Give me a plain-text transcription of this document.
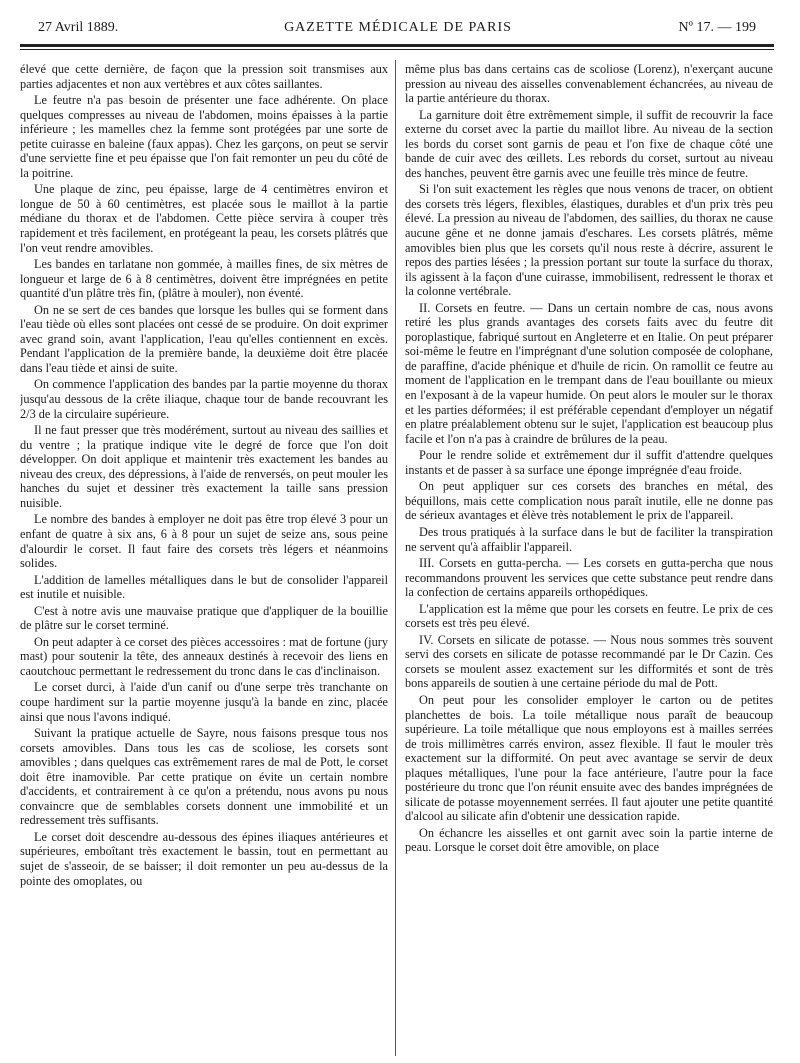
27 Avril 1889.	GAZETTE MÉDICALE DE PARIS	Nº 17. — 199

élevé que cette dernière, de façon que la pression soit transmises aux parties adjacentes et non aux vertèbres et aux côtes saillantes.

Le feutre n'a pas besoin de présenter une face adhérente. On place quelques compresses au niveau de l'abdomen, moins épaisses à la partie inférieure ; les mamelles chez la femme sont protégées par une sorte de petite cuirasse en baleine (faux appas). Chez les garçons, on peut se servir d'une serviette fine et peu épaisse que l'on fait remonter un peu du côté de la poitrine.

Une plaque de zinc, peu épaisse, large de 4 centimètres environ et longue de 50 à 60 centimètres, est placée sous le maillot à la partie médiane du thorax et de l'abdomen. Cette pièce servira à couper très rapidement et très facilement, en protégeant la peau, les corsets plâtrés que l'on veut rendre amovibles.

Les bandes en tarlatane non gommée, à mailles fines, de six mètres de longueur et large de 6 à 8 centimètres, doivent être imprégnées en petite quantité d'un plâtre très fin, (plâtre à mouler), non éventé.

On ne se sert de ces bandes que lorsque les bulles qui se forment dans l'eau tiède où elles sont placées ont cessé de se produire. On doit exprimer avec grand soin, avant l'application, l'eau qu'elles contiennent en excès. Pendant l'application de la première bande, la deuxième doit être placée dans l'eau tiède et ainsi de suite.

On commence l'application des bandes par la partie moyenne du thorax jusqu'au dessous de la crête iliaque, chaque tour de bande recouvrant les 2/3 de la circulaire supérieure.

Il ne faut presser que très modérément, surtout au niveau des saillies et du ventre ; la pratique indique vite le degré de force que l'on doit développer. On doit applique et maintenir très exactement les bandes au niveau des creux, des dépressions, à l'aide de renversés, on peut mouler les hanches du sujet et dessiner très exactement la taille sans pression nuisible.

Le nombre des bandes à employer ne doit pas être trop élevé 3 pour un enfant de quatre à six ans, 6 à 8 pour un sujet de seize ans, sous peine d'alourdir le corset. Il faut faire des corsets très légers et néanmoins solides.

L'addition de lamelles métalliques dans le but de consolider l'appareil est inutile et nuisible.

C'est à notre avis une mauvaise pratique que d'appliquer de la bouillie de plâtre sur le corset terminé.

On peut adapter à ce corset des pièces accessoires : mat de fortune (jury mast) pour soutenir la tête, des anneaux destinés à recevoir des liens en caoutchouc permettant le redressement du tronc dans le cas d'inclinaison.

Le corset durci, à l'aide d'un canif ou d'une serpe très tranchante on coupe hardiment sur la partie moyenne jusqu'à la bande en zinc, placée ainsi que nous l'avons indiqué.

Suivant la pratique actuelle de Sayre, nous faisons presque tous nos corsets amovibles. Dans tous les cas de scoliose, les corsets sont amovibles ; dans quelques cas extrêmement rares de mal de Pott, le corset doit être inamovible. Par cette pratique on évite un certain nombre d'accidents, et contrairement à ce qu'on a prétendu, nous avons pu nous convaincre que de semblables corsets donnent une immobilité et un redressement très suffisants.

Le corset doit descendre au-dessous des épines iliaques antérieures et supérieures, emboîtant très exactement le bassin, tout en permettant au sujet de s'asseoir, de se baisser; il doit remonter un peu au-dessus de la pointe des omoplates, ou

même plus bas dans certains cas de scoliose (Lorenz), n'exerçant aucune pression au niveau des aisselles convenablement échancrées, au niveau de la partie antérieure du thorax.

La garniture doit être extrêmement simple, il suffit de recouvrir la face externe du corset avec la partie du maillot libre. Au niveau de la section les bords du corset sont garnis de peau et l'on fixe de chaque côté une bande de cuir avec des œillets. Les rebords du corset, surtout au niveau des hanches, peuvent être garnis avec une feuille très mince de feutre.

Si l'on suit exactement les règles que nous venons de tracer, on obtient des corsets très légers, flexibles, élastiques, durables et d'un prix très peu élevé. La pression au niveau de l'abdomen, des saillies, du thorax ne cause aucune gêne et ne donne jamais d'eschares. Les corsets plâtrés, même amovibles bien plus que les corsets qu'il nous reste à décrire, assurent le repos des parties lésées ; la pression portant sur toute la surface du thorax, ils agissent à la façon d'une cuirasse, immobilisent, redressent le thorax et la colonne vertébrale.

II. Corsets en feutre. — Dans un certain nombre de cas, nous avons retiré les plus grands avantages des corsets faits avec du feutre dit poroplastique, fabriqué surtout en Angleterre et en Italie. On peut préparer soi-même le feutre en l'imprégnant d'une solution composée de colophane, de paraffine, d'acide phénique et d'huile de ricin. On ramollit ce feutre au moment de l'application en le trempant dans de l'eau bouillante ou mieux en l'exposant à de la vapeur humide. On peut alors le mouler sur le thorax et les parties déformées; il est préférable cependant d'employer un négatif en platre préalablement obtenu sur le sujet, l'application est beaucoup plus facile et l'on n'a pas à craindre de brûlures de la peau.

Pour le rendre solide et extrêmement dur il suffit d'attendre quelques instants et de passer à sa surface une éponge imprégnée d'eau froide.

On peut appliquer sur ces corsets des branches en métal, des béquillons, mais cette complication nous paraît inutile, elle ne donne pas de sérieux avantages et élève très notablement le prix de l'appareil.

Des trous pratiqués à la surface dans le but de faciliter la transpiration ne servent qu'à affaiblir l'appareil.

III. Corsets en gutta-percha. — Les corsets en gutta-percha que nous recommandons prouvent les services que cette substance peut rendre dans la confection de certains appareils orthopédiques.

L'application est la même que pour les corsets en feutre. Le prix de ces corsets est très peu élevé.

IV. Corsets en silicate de potasse. — Nous nous sommes très souvent servi des corsets en silicate de potasse recommandé par le Dr Cazin. Ces corsets se moulent assez exactement sur les difformités et sont de très bons appareils de soutien à une certaine période du mal de Pott.

On peut pour les consolider employer le carton ou de petites planchettes de bois. La toile métallique nous paraît de beaucoup supérieure. La toile métallique que nous employons est à mailles serrées de trois millimètres carrés environ, assez flexible. Il faut le mouler très exactement sur la difformité. On peut avec avantage se servir de deux plaques métalliques, l'une pour la face antérieure, l'autre pour la face postérieure du tronc que l'on réunit ensuite avec des bandes imprégnées de silicate de potasse moyennement serrées. Il faut ajouter une petite quantité d'alcool au silicate afin d'obtenir une dessication rapide.

On échancre les aisselles et ont garnit avec soin la partie interne de peau. Lorsque le corset doit être amovible, on place
